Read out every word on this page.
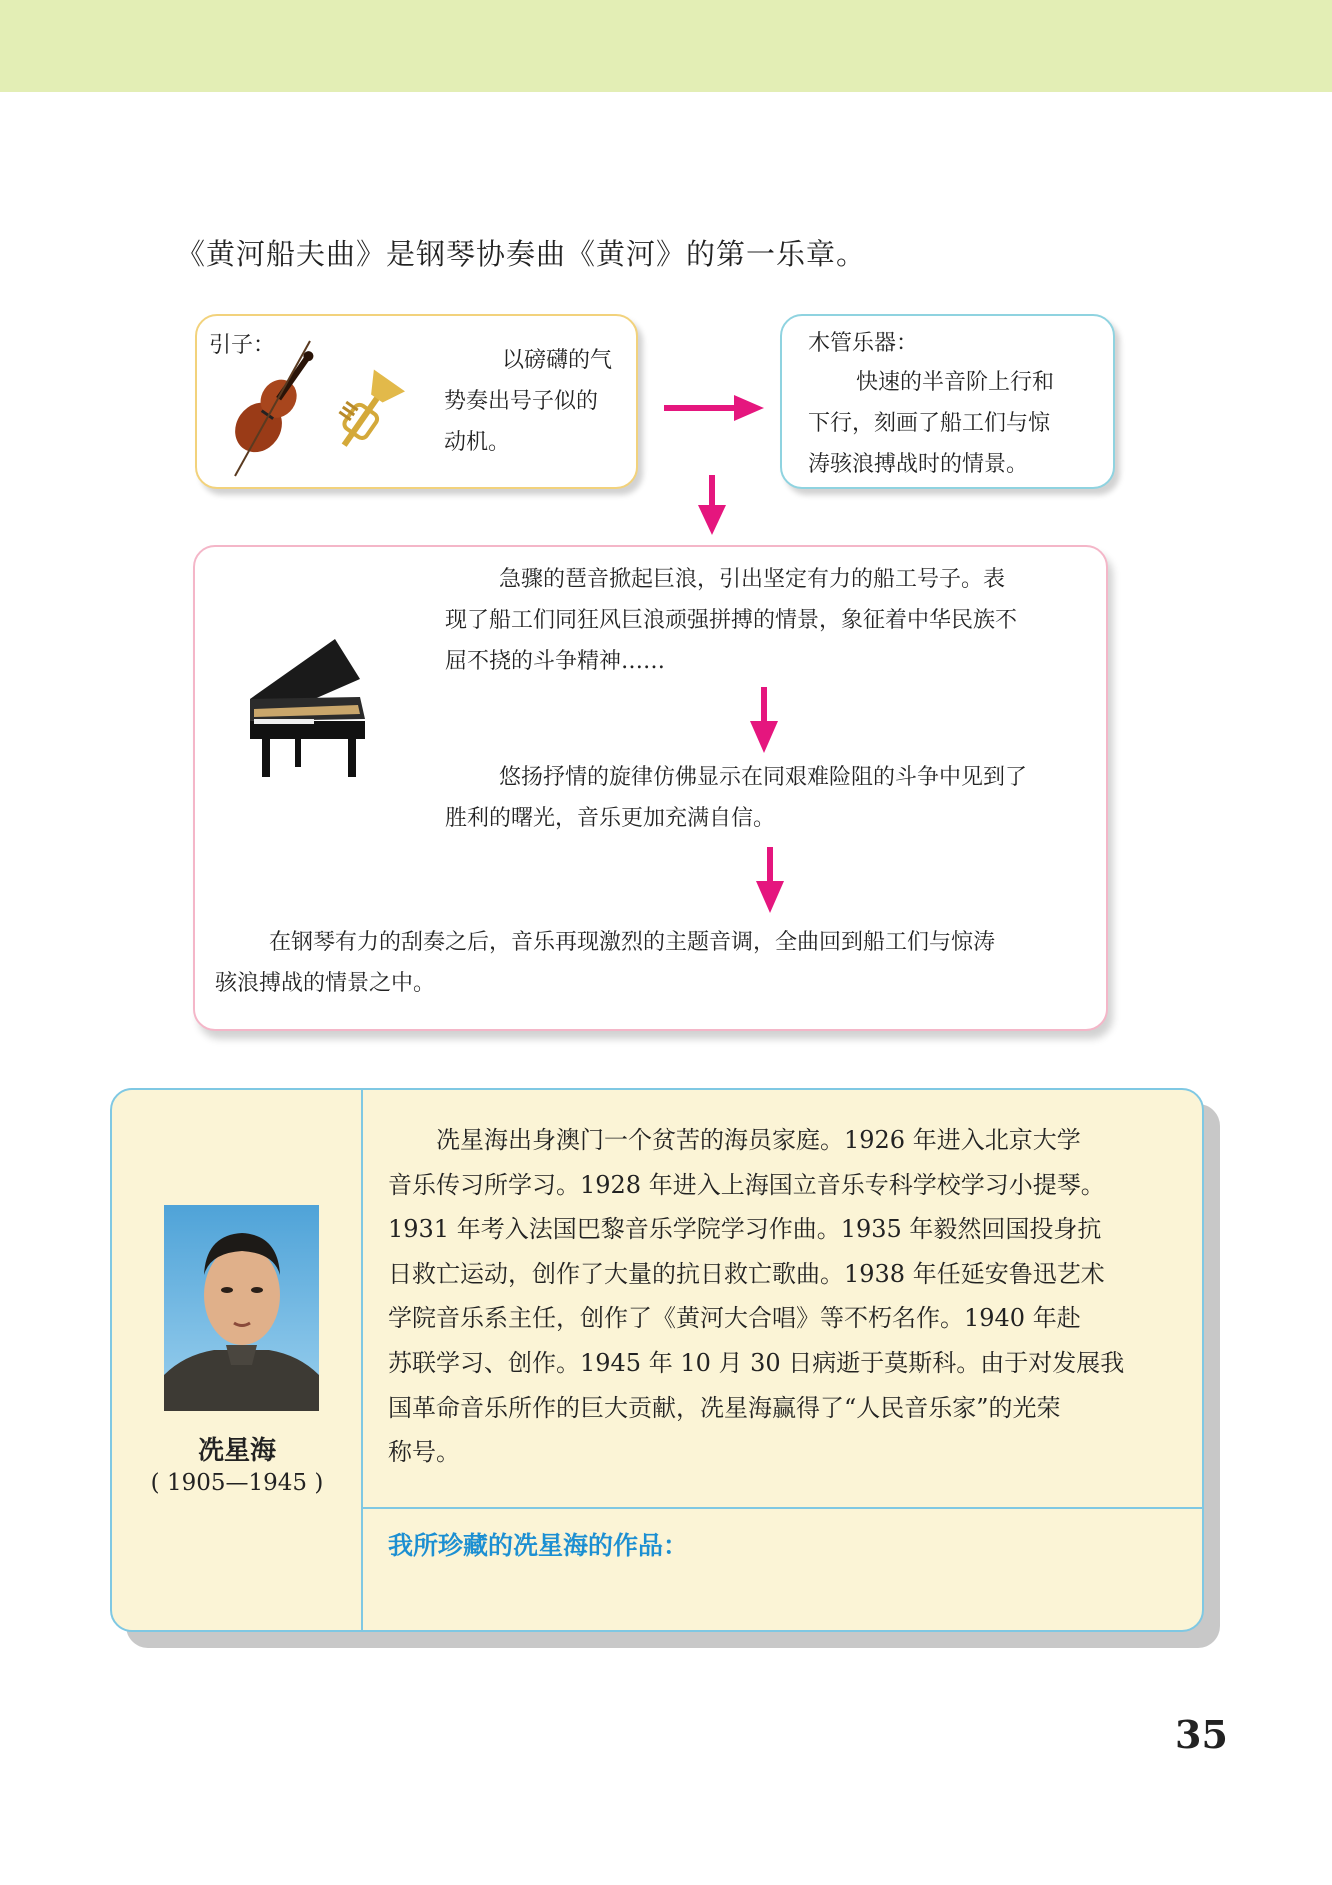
《黄河船夫曲》是钢琴协奏曲《黄河》的第一乐章。
引子：
以磅礴的气
势奏出号子似的
动机。
木管乐器：
快速的半音阶上行和
下行，刻画了船工们与惊
涛骇浪搏战时的情景。
急骤的琶音掀起巨浪，引出坚定有力的船工号子。表
现了船工们同狂风巨浪顽强拼搏的情景，象征着中华民族不
屈不挠的斗争精神……
悠扬抒情的旋律仿佛显示在同艰难险阻的斗争中见到了
胜利的曙光，音乐更加充满自信。
在钢琴有力的刮奏之后，音乐再现激烈的主题音调，全曲回到船工们与惊涛
骇浪搏战的情景之中。
冼星海
( 1905—1945 )
冼星海出身澳门一个贫苦的海员家庭。1926 年进入北京大学
音乐传习所学习。1928 年进入上海国立音乐专科学校学习小提琴。
1931 年考入法国巴黎音乐学院学习作曲。1935 年毅然回国投身抗
日救亡运动，创作了大量的抗日救亡歌曲。1938 年任延安鲁迅艺术
学院音乐系主任，创作了《黄河大合唱》等不朽名作。1940 年赴
苏联学习、创作。1945 年 10 月 30 日病逝于莫斯科。由于对发展我
国革命音乐所作的巨大贡献，冼星海赢得了“人民音乐家”的光荣
称号。
我所珍藏的冼星海的作品：
35
